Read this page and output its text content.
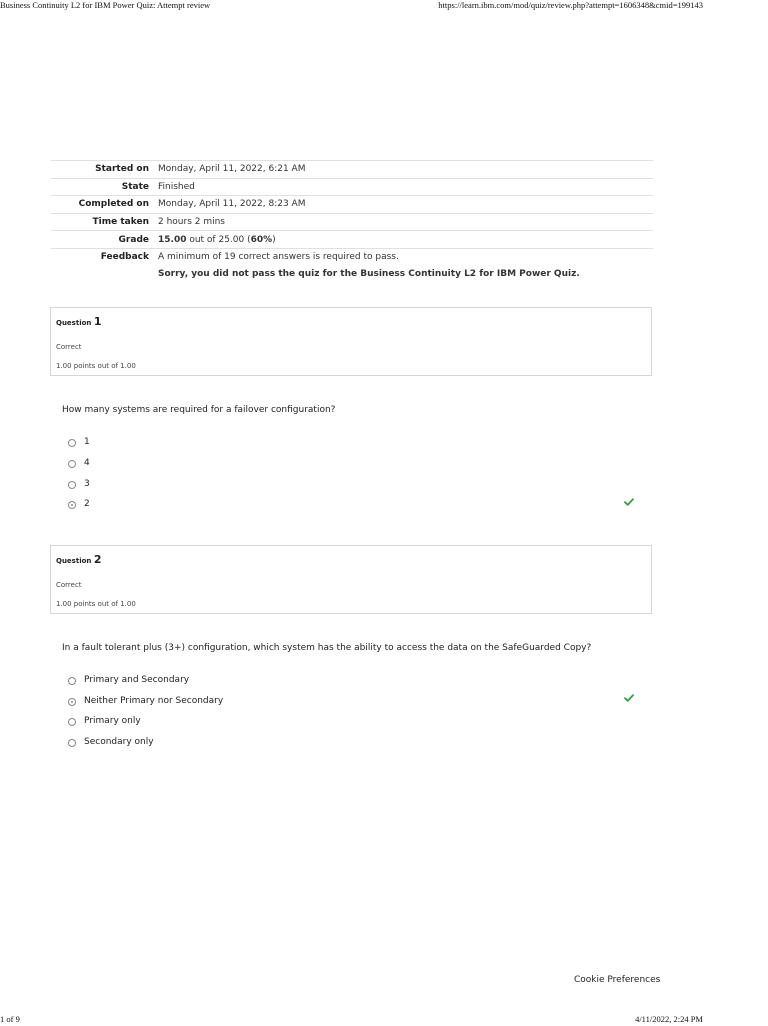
Business Continuity L2 for IBM Power Quiz: Attempt review	https://learn.ibm.com/mod/quiz/review.php?attempt=1606348&cmid=199143
Started on	Monday, April 11, 2022, 6:21 AM
State	Finished
Completed on	Monday, April 11, 2022, 8:23 AM
Time taken	2 hours 2 mins
Grade	15.00 out of 25.00 (60%)
Feedback	A minimum of 19 correct answers is required to pass.
	Sorry, you did not pass the quiz for the Business Continuity L2 for IBM Power Quiz.
Question 1
Correct
1.00 points out of 1.00
How many systems are required for a failover configuration?
1
4
3
2
Question 2
Correct
1.00 points out of 1.00
In a fault tolerant plus (3+) configuration, which system has the ability to access the data on the SafeGuarded Copy?
Primary and Secondary
Neither Primary nor Secondary
Primary only
Secondary only
Cookie Preferences
1 of 9	4/11/2022, 2:24 PM
